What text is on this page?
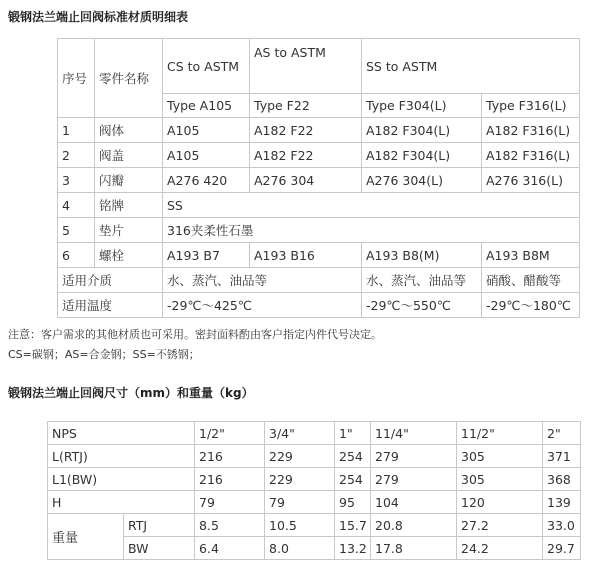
锻钢法兰端止回阀标准材质明细表
序号	零件名称	CS to ASTM	AS to ASTM	SS to ASTM	
		Type A105	Type F22	Type F304(L)	Type F316(L)
1	阀体	A105	A182 F22	A182 F304(L)	A182 F316(L)
2	阀盖	A105	A182 F22	A182 F304(L)	A182 F316(L)
3	闪瓣	A276 420	A276 304	A276 304(L)	A276 316(L)
4	铭牌	SS			
5	垫片	316夹柔性石墨			
6	螺栓	A193 B7	A193 B16	A193 B8(M)	A193 B8M
适用介质		水、蒸汽、油品等		水、蒸汽、油品等	硝酸、醋酸等
适用温度		-29℃～425℃		-29℃～550℃	-29℃～180℃
注意：客户需求的其他材质也可采用。密封面料酌由客户指定内件代号决定。
CS=碳钢；AS=合金钢；SS=不锈钢；
锻钢法兰端止回阀尺寸（mm）和重量（kg）
NPS		1/2"	3/4"	1"	11/4"	11/2"	2"
L(RTJ)		216	229	254	279	305	371
L1(BW)		216	229	254	279	305	368
H		79	79	95	104	120	139
重量	RTJ	8.5	10.5	15.7	20.8	27.2	33.0
	BW	6.4	8.0	13.2	17.8	24.2	29.7
